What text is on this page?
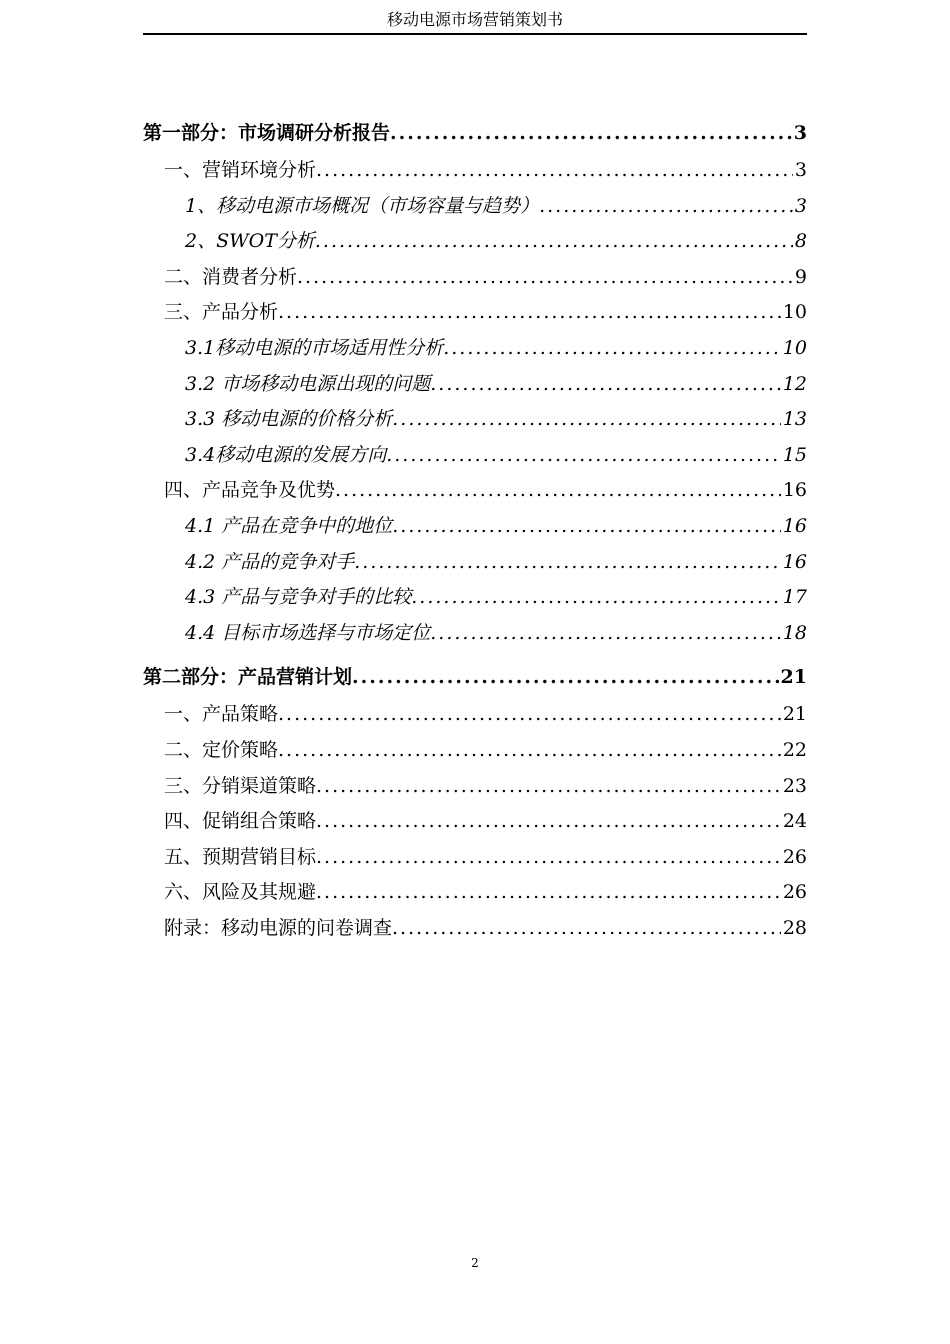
移动电源市场营销策划书
第一部分：市场调研分析报告 .....	3
一、营销环境分析 .....	3
1、移动电源市场概况（市场容量与趋势） .....	3
2、SWOT分析 .....	8
二、消费者分析 .....	9
三、产品分析 .....	10
3.1移动电源的市场适用性分析 .....	10
3.2 市场移动电源出现的问题 .....	12
3.3 移动电源的价格分析 .....	13
3.4移动电源的发展方向 .....	15
四、产品竞争及优势 .....	16
4.1 产品在竞争中的地位 .....	16
4.2 产品的竞争对手 .....	16
4.3 产品与竞争对手的比较 .....	17
4.4 目标市场选择与市场定位 .....	18
第二部分：产品营销计划 .....	21
一、产品策略 .....	21
二、定价策略 .....	22
三、分销渠道策略 .....	23
四、促销组合策略 .....	24
五、预期营销目标 .....	26
六、风险及其规避 .....	26
附录：移动电源的问卷调查 .....	28
2
